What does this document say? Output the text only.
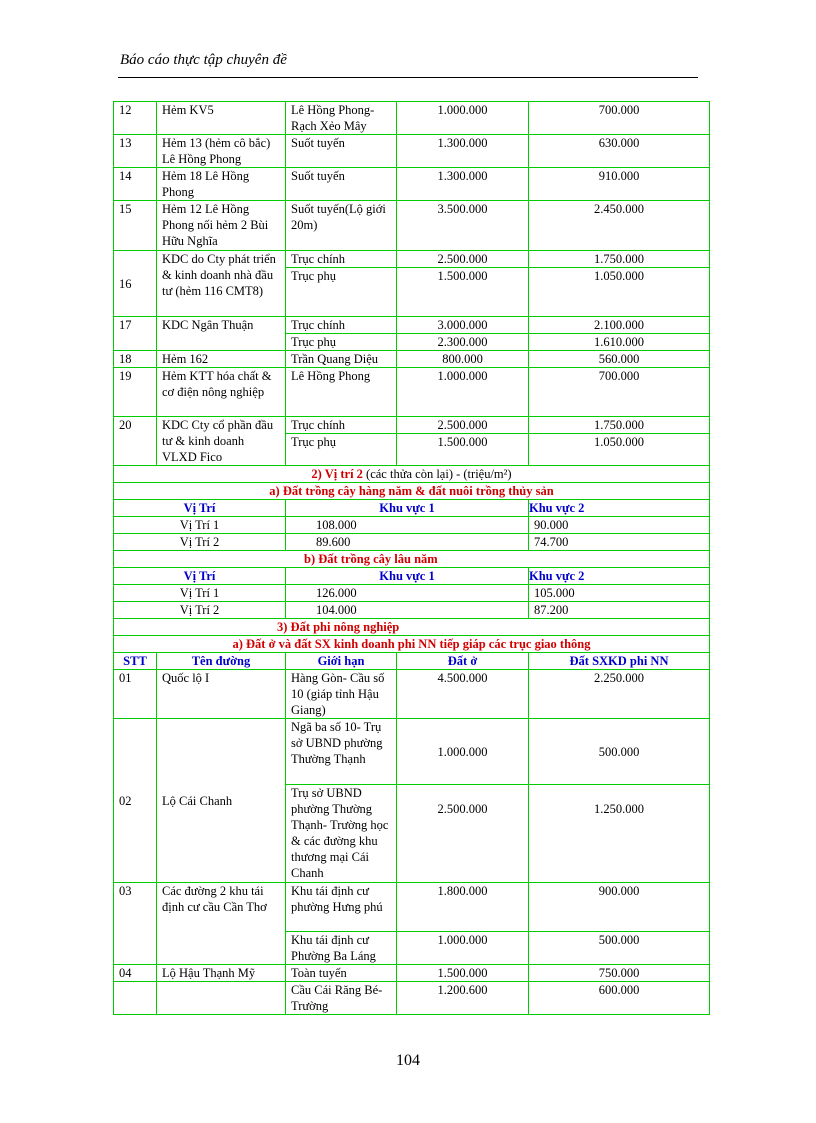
Báo cáo thực tập chuyên đề
12	Hẻm KV5	Lê Hồng Phong- Rạch Xẻo Mây	1.000.000	700.000
13	Hẻm 13 (hẻm cô bắc) Lê Hồng Phong	Suốt tuyến	1.300.000	630.000
14	Hẻm 18 Lê Hồng Phong	Suốt tuyến	1.300.000	910.000
15	Hẻm 12 Lê Hồng Phong nối hẻm 2 Bùi Hữu Nghĩa	Suốt tuyến(Lộ giới 20m)	3.500.000	2.450.000
16	KDC do Cty phát triển & kinh doanh nhà đầu tư (hẻm 116 CMT8)	Trục chính	2.500.000	1.750.000
		Trục phụ	1.500.000	1.050.000
17	KDC Ngân Thuận	Trục chính	3.000.000	2.100.000
		Trục phụ	2.300.000	1.610.000
18	Hẻm 162	Trần Quang Diệu	800.000	560.000
19	Hẻm KTT hóa chất & cơ điện nông nghiệp	Lê Hồng Phong	1.000.000	700.000
20	KDC Cty cổ phần đầu tư & kinh doanh VLXD Fico	Trục chính	2.500.000	1.750.000
		Trục phụ	1.500.000	1.050.000
2) Vị trí 2 (các thửa còn lại) - (triệu/m²)				
a) Đất trồng cây hàng năm & đất nuôi trồng thủy sản				
Vị Trí		Khu vực 1		Khu vực 2
Vị Trí 1		108.000		90.000
Vị Trí 2		89.600		74.700
b) Đất trồng cây lâu năm				
Vị Trí		Khu vực 1		Khu vực 2
Vị Trí 1		126.000		105.000
Vị Trí 2		104.000		87.200
3) Đất phi nông nghiệp				
a) Đất ở và đất SX kinh doanh phi NN tiếp giáp các trục giao thông				
STT	Tên đường	Giới hạn	Đất ở	Đất SXKD phi NN
01	Quốc lộ I	Hàng Gòn- Cầu số 10 (giáp tỉnh Hậu Giang)	4.500.000	2.250.000
02	Lộ Cái Chanh	Ngã ba số 10- Trụ sở UBND phường Thường Thạnh	1.000.000	500.000
		Trụ sở UBND phường Thường Thạnh- Trường học & các đường khu thương mại Cái Chanh	2.500.000	1.250.000
03	Các đường 2 khu tái định cư cầu Cần Thơ	Khu tái định cư phường Hưng phú	1.800.000	900.000
		Khu tái định cư Phường Ba Láng	1.000.000	500.000
04	Lộ Hậu Thạnh Mỹ	Toàn tuyến	1.500.000	750.000
		Cầu Cái Răng Bé- Trường	1.200.600	600.000
104
